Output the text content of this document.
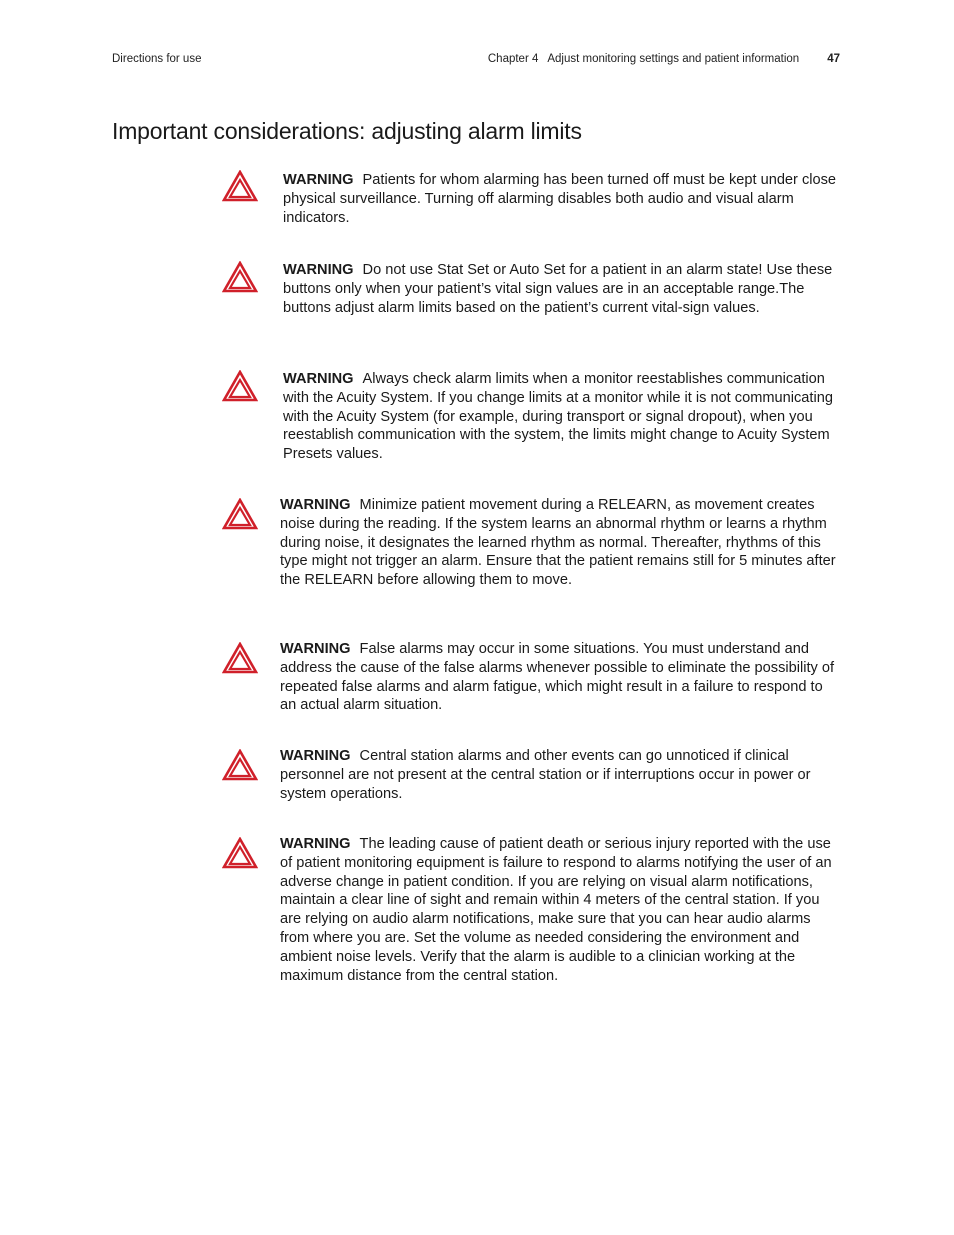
Directions for use	Chapter 4   Adjust monitoring settings and patient information 47
Important considerations: adjusting alarm limits
WARNING Patients for whom alarming has been turned off must be kept under close physical surveillance. Turning off alarming disables both audio and visual alarm indicators.
WARNING Do not use Stat Set or Auto Set for a patient in an alarm state! Use these buttons only when your patient’s vital sign values are in an acceptable range.The buttons adjust alarm limits based on the patient’s current vital-sign values.
WARNING Always check alarm limits when a monitor reestablishes communication with the Acuity System. If you change limits at a monitor while it is not communicating with the Acuity System (for example, during transport or signal dropout), when you reestablish communication with the system, the limits might change to Acuity System Presets values.
WARNING Minimize patient movement during a RELEARN, as movement creates noise during the reading. If the system learns an abnormal rhythm or learns a rhythm during noise, it designates the learned rhythm as normal. Thereafter, rhythms of this type might not trigger an alarm. Ensure that the patient remains still for 5 minutes after the RELEARN before allowing them to move.
WARNING False alarms may occur in some situations. You must understand and address the cause of the false alarms whenever possible to eliminate the possibility of repeated false alarms and alarm fatigue, which might result in a failure to respond to an actual alarm situation.
WARNING Central station alarms and other events can go unnoticed if clinical personnel are not present at the central station or if interruptions occur in power or system operations.
WARNING The leading cause of patient death or serious injury reported with the use of patient monitoring equipment is failure to respond to alarms notifying the user of an adverse change in patient condition. If you are relying on visual alarm notifications, maintain a clear line of sight and remain within 4 meters of the central station. If you are relying on audio alarm notifications, make sure that you can hear audio alarms from where you are. Set the volume as needed considering the environment and ambient noise levels. Verify that the alarm is audible to a clinician working at the maximum distance from the central station.
